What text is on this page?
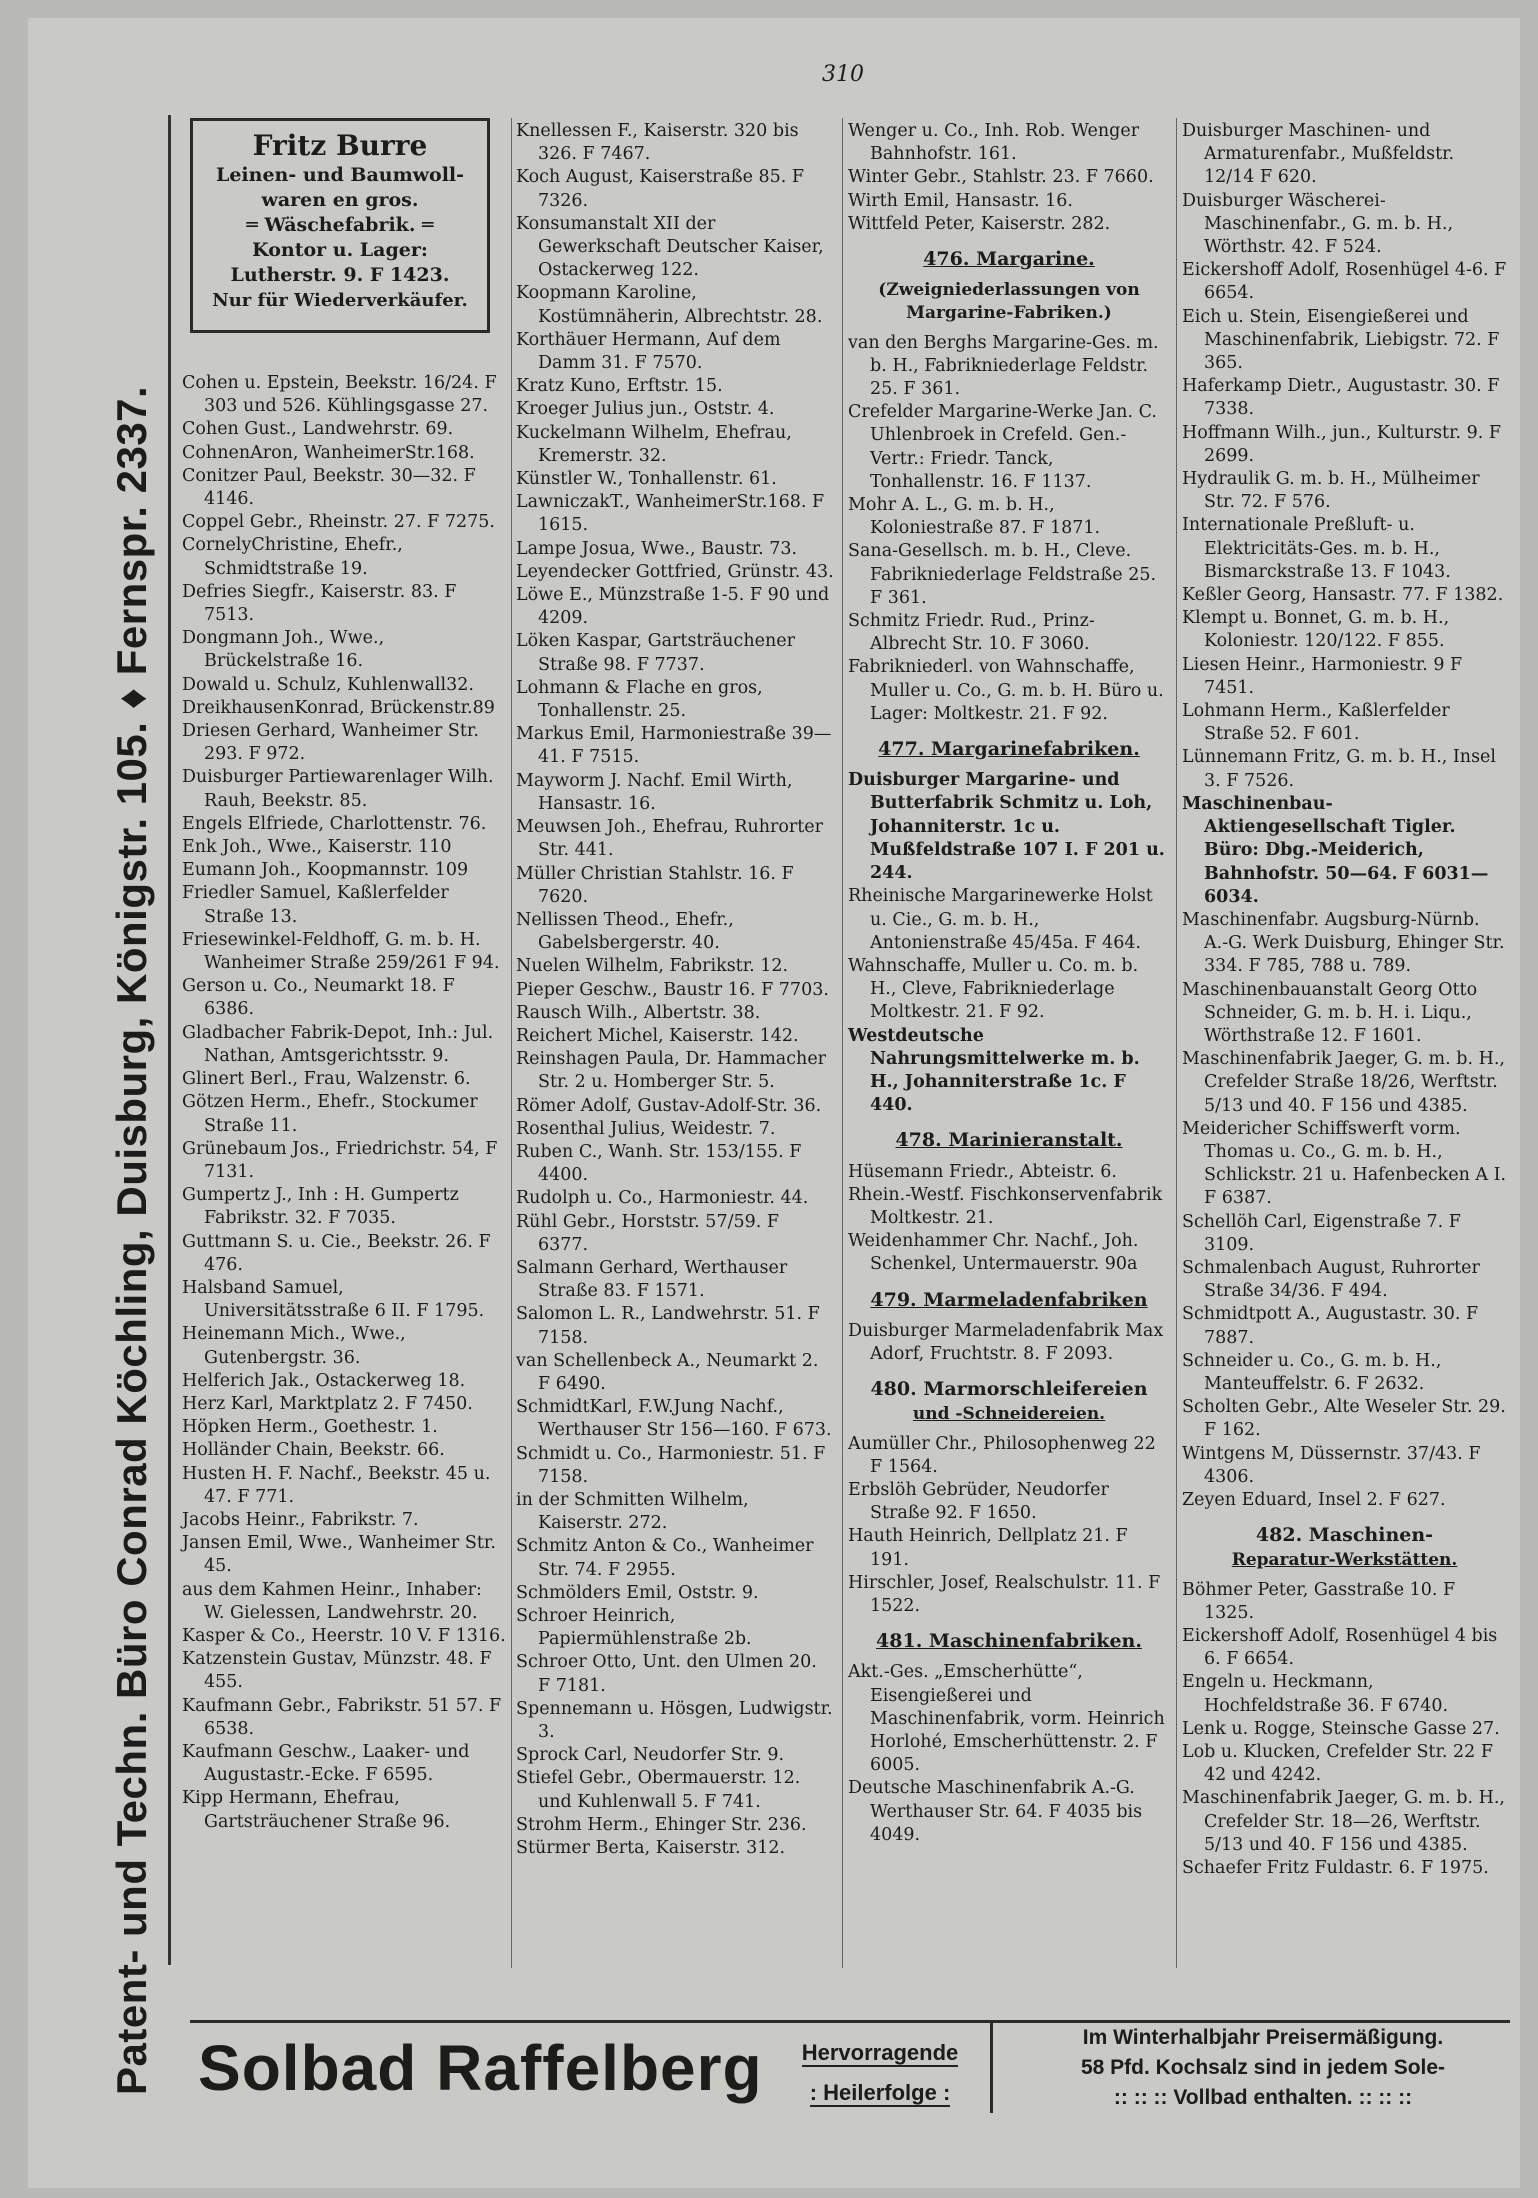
310
Patent- und Techn. Büro Conrad Köchling, Duisburg, Königstr. 105. ♦ Fernspr. 2337.
Fritz Burre
Leinen- und Baumwoll-
waren en gros.
═ Wäschefabrik. ═
Kontor u. Lager:
Lutherstr. 9. F 1423.
Nur für Wiederverkäufer.
Cohen u. Epstein, Beekstr. 16/24. F 303 und 526. Kühlingsgasse 27.
Cohen Gust., Landwehrstr. 69.
CohnenAron, WanheimerStr.168.
Conitzer Paul, Beekstr. 30—32. F 4146.
Coppel Gebr., Rheinstr. 27. F 7275.
CornelyChristine, Ehefr., Schmidtstraße 19.
Defries Siegfr., Kaiserstr. 83. F 7513.
Dongmann Joh., Wwe., Brückelstraße 16.
Dowald u. Schulz, Kuhlenwall32.
DreikhausenKonrad, Brückenstr.89
Driesen Gerhard, Wanheimer Str. 293. F 972.
Duisburger Partiewarenlager Wilh. Rauh, Beekstr. 85.
Engels Elfriede, Charlottenstr. 76.
Enk Joh., Wwe., Kaiserstr. 110
Eumann Joh., Koopmannstr. 109
Friedler Samuel, Kaßlerfelder Straße 13.
Friesewinkel-Feldhoff, G. m. b. H. Wanheimer Straße 259/261 F 94.
Gerson u. Co., Neumarkt 18. F 6386.
Gladbacher Fabrik-Depot, Inh.: Jul. Nathan, Amtsgerichtsstr. 9.
Glinert Berl., Frau, Walzenstr. 6.
Götzen Herm., Ehefr., Stockumer Straße 11.
Grünebaum Jos., Friedrichstr. 54, F 7131.
Gumpertz J., Inh : H. Gumpertz Fabrikstr. 32. F 7035.
Guttmann S. u. Cie., Beekstr. 26. F 476.
Halsband Samuel, Universitätsstraße 6 II. F 1795.
Heinemann Mich., Wwe., Gutenbergstr. 36.
Helferich Jak., Ostackerweg 18.
Herz Karl, Marktplatz 2. F 7450.
Höpken Herm., Goethestr. 1.
Holländer Chain, Beekstr. 66.
Husten H. F. Nachf., Beekstr. 45 u. 47. F 771.
Jacobs Heinr., Fabrikstr. 7.
Jansen Emil, Wwe., Wanheimer Str. 45.
aus dem Kahmen Heinr., Inhaber: W. Gielessen, Landwehrstr. 20.
Kasper & Co., Heerstr. 10 V. F 1316.
Katzenstein Gustav, Münzstr. 48. F 455.
Kaufmann Gebr., Fabrikstr. 51 57. F 6538.
Kaufmann Geschw., Laaker- und Augustastr.-Ecke. F 6595.
Kipp Hermann, Ehefrau, Gartsträuchener Straße 96.
Knellessen F., Kaiserstr. 320 bis 326. F 7467.
Koch August, Kaiserstraße 85. F 7326.
Konsumanstalt XII der Gewerkschaft Deutscher Kaiser, Ostackerweg 122.
Koopmann Karoline, Kostümnäherin, Albrechtstr. 28.
Korthäuer Hermann, Auf dem Damm 31. F 7570.
Kratz Kuno, Erftstr. 15.
Kroeger Julius jun., Oststr. 4.
Kuckelmann Wilhelm, Ehefrau, Kremerstr. 32.
Künstler W., Tonhallenstr. 61.
LawniczakT., WanheimerStr.168. F 1615.
Lampe Josua, Wwe., Baustr. 73.
Leyendecker Gottfried, Grünstr. 43.
Löwe E., Münzstraße 1-5. F 90 und 4209.
Löken Kaspar, Gartsträuchener Straße 98. F 7737.
Lohmann & Flache en gros, Tonhallenstr. 25.
Markus Emil, Harmoniestraße 39—41. F 7515.
Mayworm J. Nachf. Emil Wirth, Hansastr. 16.
Meuwsen Joh., Ehefrau, Ruhrorter Str. 441.
Müller Christian Stahlstr. 16. F 7620.
Nellissen Theod., Ehefr., Gabelsbergerstr. 40.
Nuelen Wilhelm, Fabrikstr. 12.
Pieper Geschw., Baustr 16. F 7703.
Rausch Wilh., Albertstr. 38.
Reichert Michel, Kaiserstr. 142.
Reinshagen Paula, Dr. Hammacher Str. 2 u. Homberger Str. 5.
Römer Adolf, Gustav-Adolf-Str. 36.
Rosenthal Julius, Weidestr. 7.
Ruben C., Wanh. Str. 153/155. F 4400.
Rudolph u. Co., Harmoniestr. 44.
Rühl Gebr., Horststr. 57/59. F 6377.
Salmann Gerhard, Werthauser Straße 83. F 1571.
Salomon L. R., Landwehrstr. 51. F 7158.
van Schellenbeck A., Neumarkt 2. F 6490.
SchmidtKarl, F.W.Jung Nachf., Werthauser Str 156—160. F 673.
Schmidt u. Co., Harmoniestr. 51. F 7158.
in der Schmitten Wilhelm, Kaiserstr. 272.
Schmitz Anton & Co., Wanheimer Str. 74. F 2955.
Schmölders Emil, Oststr. 9.
Schroer Heinrich, Papiermühlenstraße 2b.
Schroer Otto, Unt. den Ulmen 20. F 7181.
Spennemann u. Hösgen, Ludwigstr. 3.
Sprock Carl, Neudorfer Str. 9.
Stiefel Gebr., Obermauerstr. 12. und Kuhlenwall 5. F 741.
Strohm Herm., Ehinger Str. 236.
Stürmer Berta, Kaiserstr. 312.
Wenger u. Co., Inh. Rob. Wenger Bahnhofstr. 161.
Winter Gebr., Stahlstr. 23. F 7660.
Wirth Emil, Hansastr. 16.
Wittfeld Peter, Kaiserstr. 282.
476. Margarine.
(Zweigniederlassungen von Margarine-Fabriken.)
van den Berghs Margarine-Ges. m. b. H., Fabrikniederlage Feldstr. 25. F 361.
Crefelder Margarine-Werke Jan. C. Uhlenbroek in Crefeld. Gen.-Vertr.: Friedr. Tanck, Tonhallenstr. 16. F 1137.
Mohr A. L., G. m. b. H., Koloniestraße 87. F 1871.
Sana-Gesellsch. m. b. H., Cleve. Fabrikniederlage Feldstraße 25. F 361.
Schmitz Friedr. Rud., Prinz-Albrecht Str. 10. F 3060.
Fabrikniederl. von Wahnschaffe, Muller u. Co., G. m. b. H. Büro u. Lager: Moltkestr. 21. F 92.
477. Margarinefabriken.
Duisburger Margarine- und Butterfabrik Schmitz u. Loh, Johanniterstr. 1c u. Mußfeldstraße 107 I. F 201 u. 244.
Rheinische Margarinewerke Holst u. Cie., G. m. b. H., Antonienstraße 45/45a. F 464.
Wahnschaffe, Muller u. Co. m. b. H., Cleve, Fabrikniederlage Moltkestr. 21. F 92.
Westdeutsche Nahrungsmittelwerke m. b. H., Johanniterstraße 1c. F 440.
478. Marinieranstalt.
Hüsemann Friedr., Abteistr. 6.
Rhein.-Westf. Fischkonservenfabrik Moltkestr. 21.
Weidenhammer Chr. Nachf., Joh. Schenkel, Untermauerstr. 90a
479. Marmeladenfabriken
Duisburger Marmeladenfabrik Max Adorf, Fruchtstr. 8. F 2093.
480. Marmorschleifereien
und -Schneidereien.
Aumüller Chr., Philosophenweg 22 F 1564.
Erbslöh Gebrüder, Neudorfer Straße 92. F 1650.
Hauth Heinrich, Dellplatz 21. F 191.
Hirschler, Josef, Realschulstr. 11. F 1522.
481. Maschinenfabriken.
Akt.-Ges. „Emscherhütte“, Eisengießerei und Maschinenfabrik, vorm. Heinrich Horlohé, Emscherhüttenstr. 2. F 6005.
Deutsche Maschinenfabrik A.-G. Werthauser Str. 64. F 4035 bis 4049.
Duisburger Maschinen- und Armaturenfabr., Mußfeldstr. 12/14 F 620.
Duisburger Wäscherei-Maschinenfabr., G. m. b. H., Wörthstr. 42. F 524.
Eickershoff Adolf, Rosenhügel 4-6. F 6654.
Eich u. Stein, Eisengießerei und Maschinenfabrik, Liebigstr. 72. F 365.
Haferkamp Dietr., Augustastr. 30. F 7338.
Hoffmann Wilh., jun., Kulturstr. 9. F 2699.
Hydraulik G. m. b. H., Mülheimer Str. 72. F 576.
Internationale Preßluft- u. Elektricitäts-Ges. m. b. H., Bismarckstraße 13. F 1043.
Keßler Georg, Hansastr. 77. F 1382.
Klempt u. Bonnet, G. m. b. H., Koloniestr. 120/122. F 855.
Liesen Heinr., Harmoniestr. 9 F 7451.
Lohmann Herm., Kaßlerfelder Straße 52. F 601.
Lünnemann Fritz, G. m. b. H., Insel 3. F 7526.
Maschinenbau-Aktiengesellschaft Tigler. Büro: Dbg.-Meiderich, Bahnhofstr. 50—64. F 6031—6034.
Maschinenfabr. Augsburg-Nürnb. A.-G. Werk Duisburg, Ehinger Str. 334. F 785, 788 u. 789.
Maschinenbauanstalt Georg Otto Schneider, G. m. b. H. i. Liqu., Wörthstraße 12. F 1601.
Maschinenfabrik Jaeger, G. m. b. H., Crefelder Straße 18/26, Werftstr. 5/13 und 40. F 156 und 4385.
Meidericher Schiffswerft vorm. Thomas u. Co., G. m. b. H., Schlickstr. 21 u. Hafenbecken A I. F 6387.
Schellöh Carl, Eigenstraße 7. F 3109.
Schmalenbach August, Ruhrorter Straße 34/36. F 494.
Schmidtpott A., Augustastr. 30. F 7887.
Schneider u. Co., G. m. b. H., Manteuffelstr. 6. F 2632.
Scholten Gebr., Alte Weseler Str. 29. F 162.
Wintgens M, Düssernstr. 37/43. F 4306.
Zeyen Eduard, Insel 2. F 627.
482. Maschinen-
Reparatur-Werkstätten.
Böhmer Peter, Gasstraße 10. F 1325.
Eickershoff Adolf, Rosenhügel 4 bis 6. F 6654.
Engeln u. Heckmann, Hochfeldstraße 36. F 6740.
Lenk u. Rogge, Steinsche Gasse 27.
Lob u. Klucken, Crefelder Str. 22 F 42 und 4242.
Maschinenfabrik Jaeger, G. m. b. H., Crefelder Str. 18—26, Werftstr. 5/13 und 40. F 156 und 4385.
Schaefer Fritz Fuldastr. 6. F 1975.
Solbad Raffelberg	Hervorragende
: Heilerfolge :
Im Winterhalbjahr Preisermäßigung.
58 Pfd. Kochsalz sind in jedem Sole-
:: :: :: Vollbad enthalten. :: :: ::
